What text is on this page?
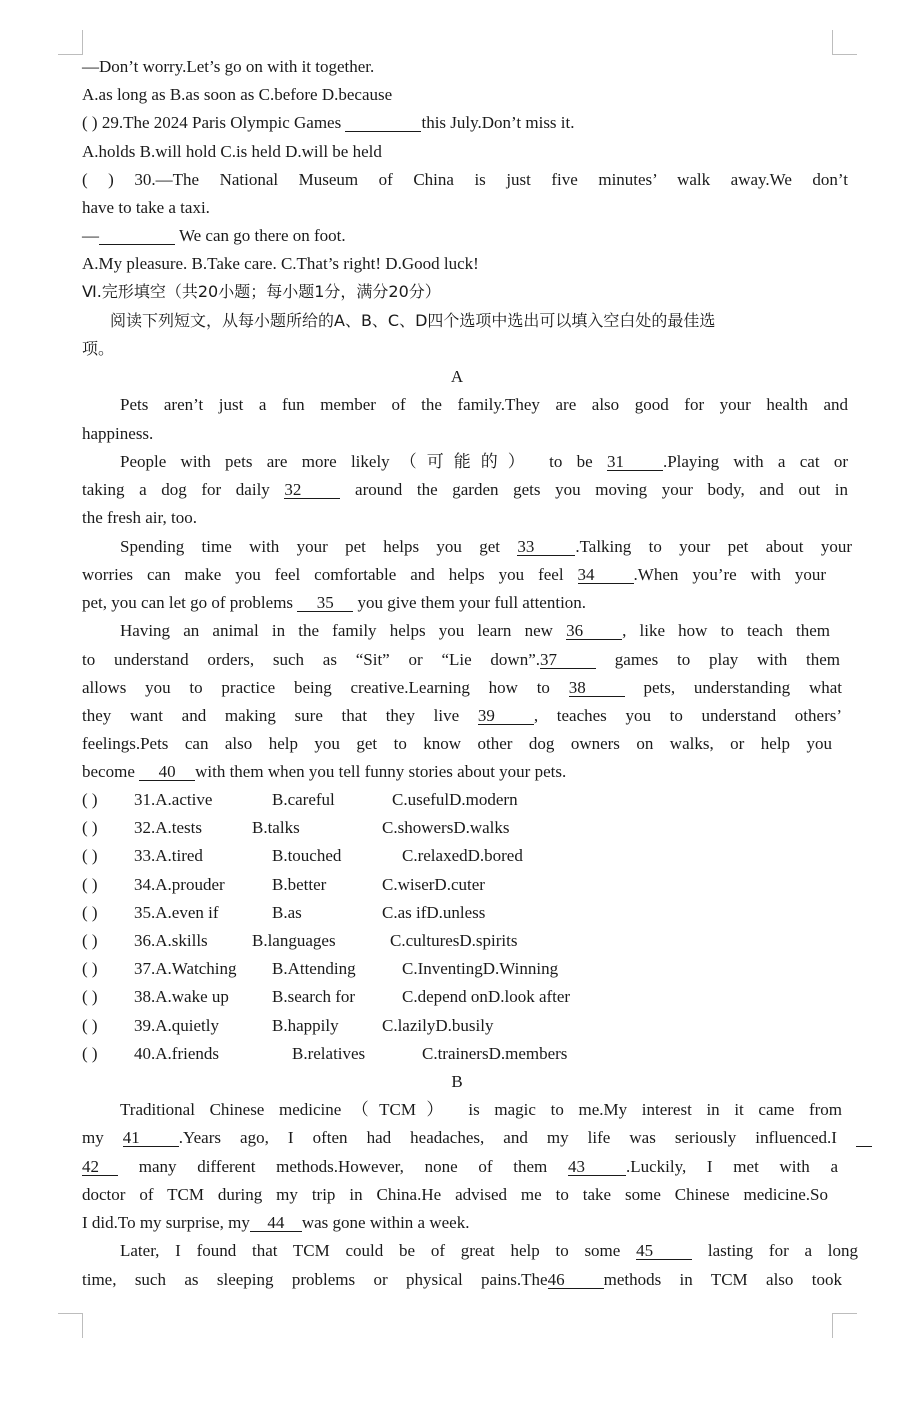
—Don’t worry.Let’s go on with it together.
A.as long as B.as soon as C.before D.because
( ) 29.The 2024 Paris Olympic Games	this July.Don’t miss it.
A.holds B.will hold C.is held D.will be held
( ) 30.—The National Museum of China is just five minutes’ walk away.We don’t
have to take a taxi.
—	We can go there on foot.
A.My pleasure. B.Take care. C.That’s right! D.Good luck!
Ⅵ.完形填空（共20小题；每小题1分，满分20分）
阅读下列短文，从每小题所给的A、B、C、D四个选项中选出可以填入空白处的最佳选
项。
A
Pets aren’t just a fun member of the family.They are also good for your health and
happiness.
People with pets are more likely（可能的） to be 31 .Playing with a cat or
taking a dog for daily 32	around the garden gets you moving your body, and out in
the fresh air, too.
Spending time with your pet helps you get 33 .Talking to your pet about your
worries can make you feel comfortable and helps you feel 34 .When you’re with your
pet, you can let go of problems 35 you give them your full attention.
Having an animal in the family helps you learn new 36 , like how to teach them
to understand orders, such as “Sit” or “Lie down”.37	games to play with them
allows you to practice being creative.Learning how to 38	pets, understanding what
they want and making sure that they live 39 , teaches you to understand others’
feelings.Pets can also help you get to know other dog owners on walks, or help you
become 40 with them when you tell funny stories about your pets.
( ) 31.A.active	B.careful	C.usefulD.modern
( ) 32.A.tests	B.talks	C.showersD.walks
( ) 33.A.tired	B.touched	C.relaxedD.bored
( ) 34.A.prouder	B.better	C.wiserD.cuter
( ) 35.A.even if	B.as	C.as ifD.unless
( ) 36.A.skills	B.languages	C.culturesD.spirits
( ) 37.A.Watching B.Attending	C.InventingD.Winning
( ) 38.A.wake up	B.search for	C.depend onD.look after
( ) 39.A.quietly	B.happily	C.lazilyD.busily
( ) 40.A.friends	B.relatives	C.trainersD.members
B
Traditional Chinese medicine（TCM） is magic to me.My interest in it came from
my 41 .Years ago, I often had headaches, and my life was seriously influenced.I
42 many different methods.However, none of them 43 .Luckily, I met with a
doctor of TCM during my trip in China.He advised me to take some Chinese medicine.So
I did.To my surprise, my 44 was gone within a week.
Later, I found that TCM could be of great help to some 45	lasting for a long
time, such as sleeping problems or physical pains.The46 methods in TCM also took
